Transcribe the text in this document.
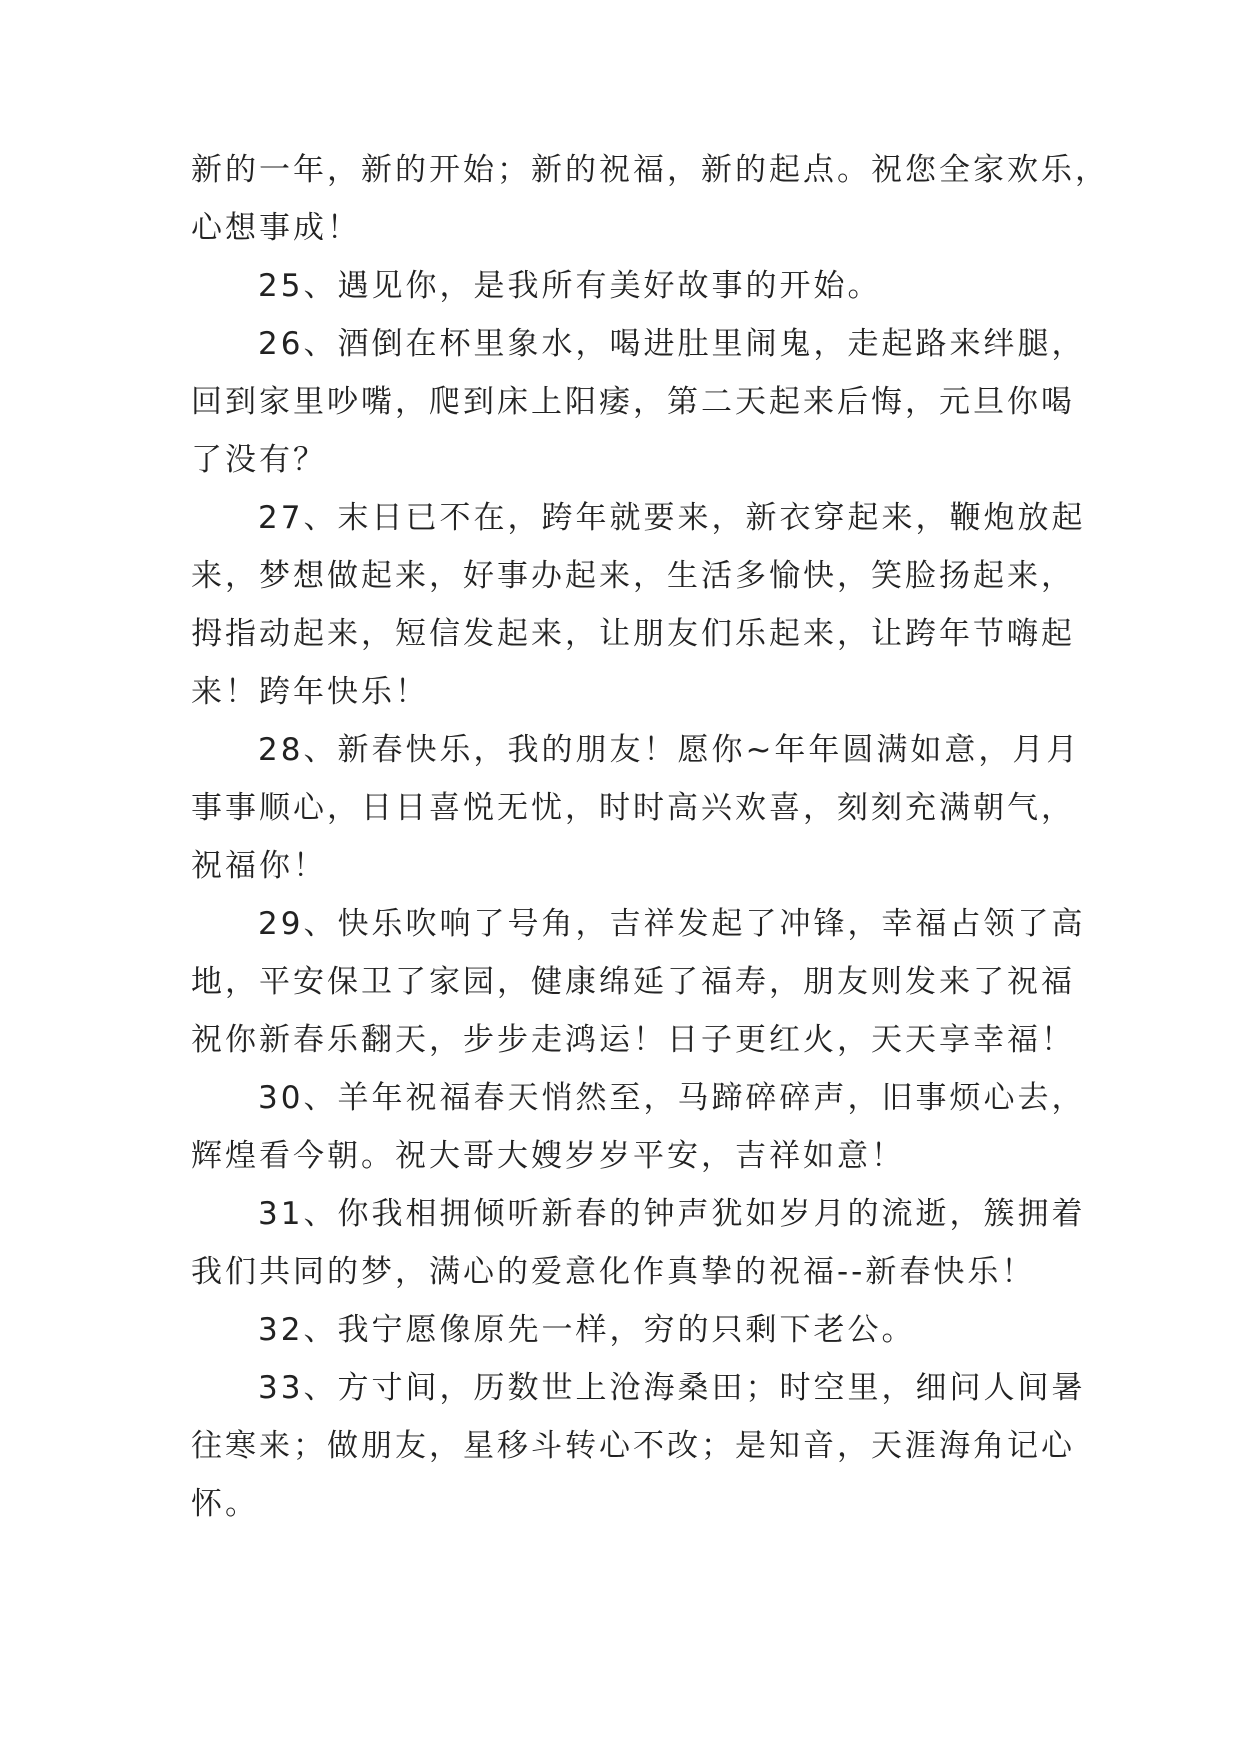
新的一年，新的开始；新的祝福，新的起点。祝您全家欢乐，
心想事成！
25、遇见你，是我所有美好故事的开始。
26、酒倒在杯里象水，喝进肚里闹鬼，走起路来绊腿，
回到家里吵嘴，爬到床上阳痿，第二天起来后悔，元旦你喝
了没有？
27、末日已不在，跨年就要来，新衣穿起来，鞭炮放起
来，梦想做起来，好事办起来，生活多愉快，笑脸扬起来，
拇指动起来，短信发起来，让朋友们乐起来，让跨年节嗨起
来！跨年快乐！
28、新春快乐，我的朋友！愿你~年年圆满如意，月月
事事顺心，日日喜悦无忧，时时高兴欢喜，刻刻充满朝气，
祝福你！
29、快乐吹响了号角，吉祥发起了冲锋，幸福占领了高
地，平安保卫了家园，健康绵延了福寿，朋友则发来了祝福
祝你新春乐翻天，步步走鸿运！日子更红火，天天享幸福！
30、羊年祝福春天悄然至，马蹄碎碎声，旧事烦心去，
辉煌看今朝。祝大哥大嫂岁岁平安，吉祥如意！
31、你我相拥倾听新春的钟声犹如岁月的流逝，簇拥着
我们共同的梦，满心的爱意化作真挚的祝福--新春快乐！
32、我宁愿像原先一样，穷的只剩下老公。
33、方寸间，历数世上沧海桑田；时空里，细问人间暑
往寒来；做朋友，星移斗转心不改；是知音，天涯海角记心
怀。
